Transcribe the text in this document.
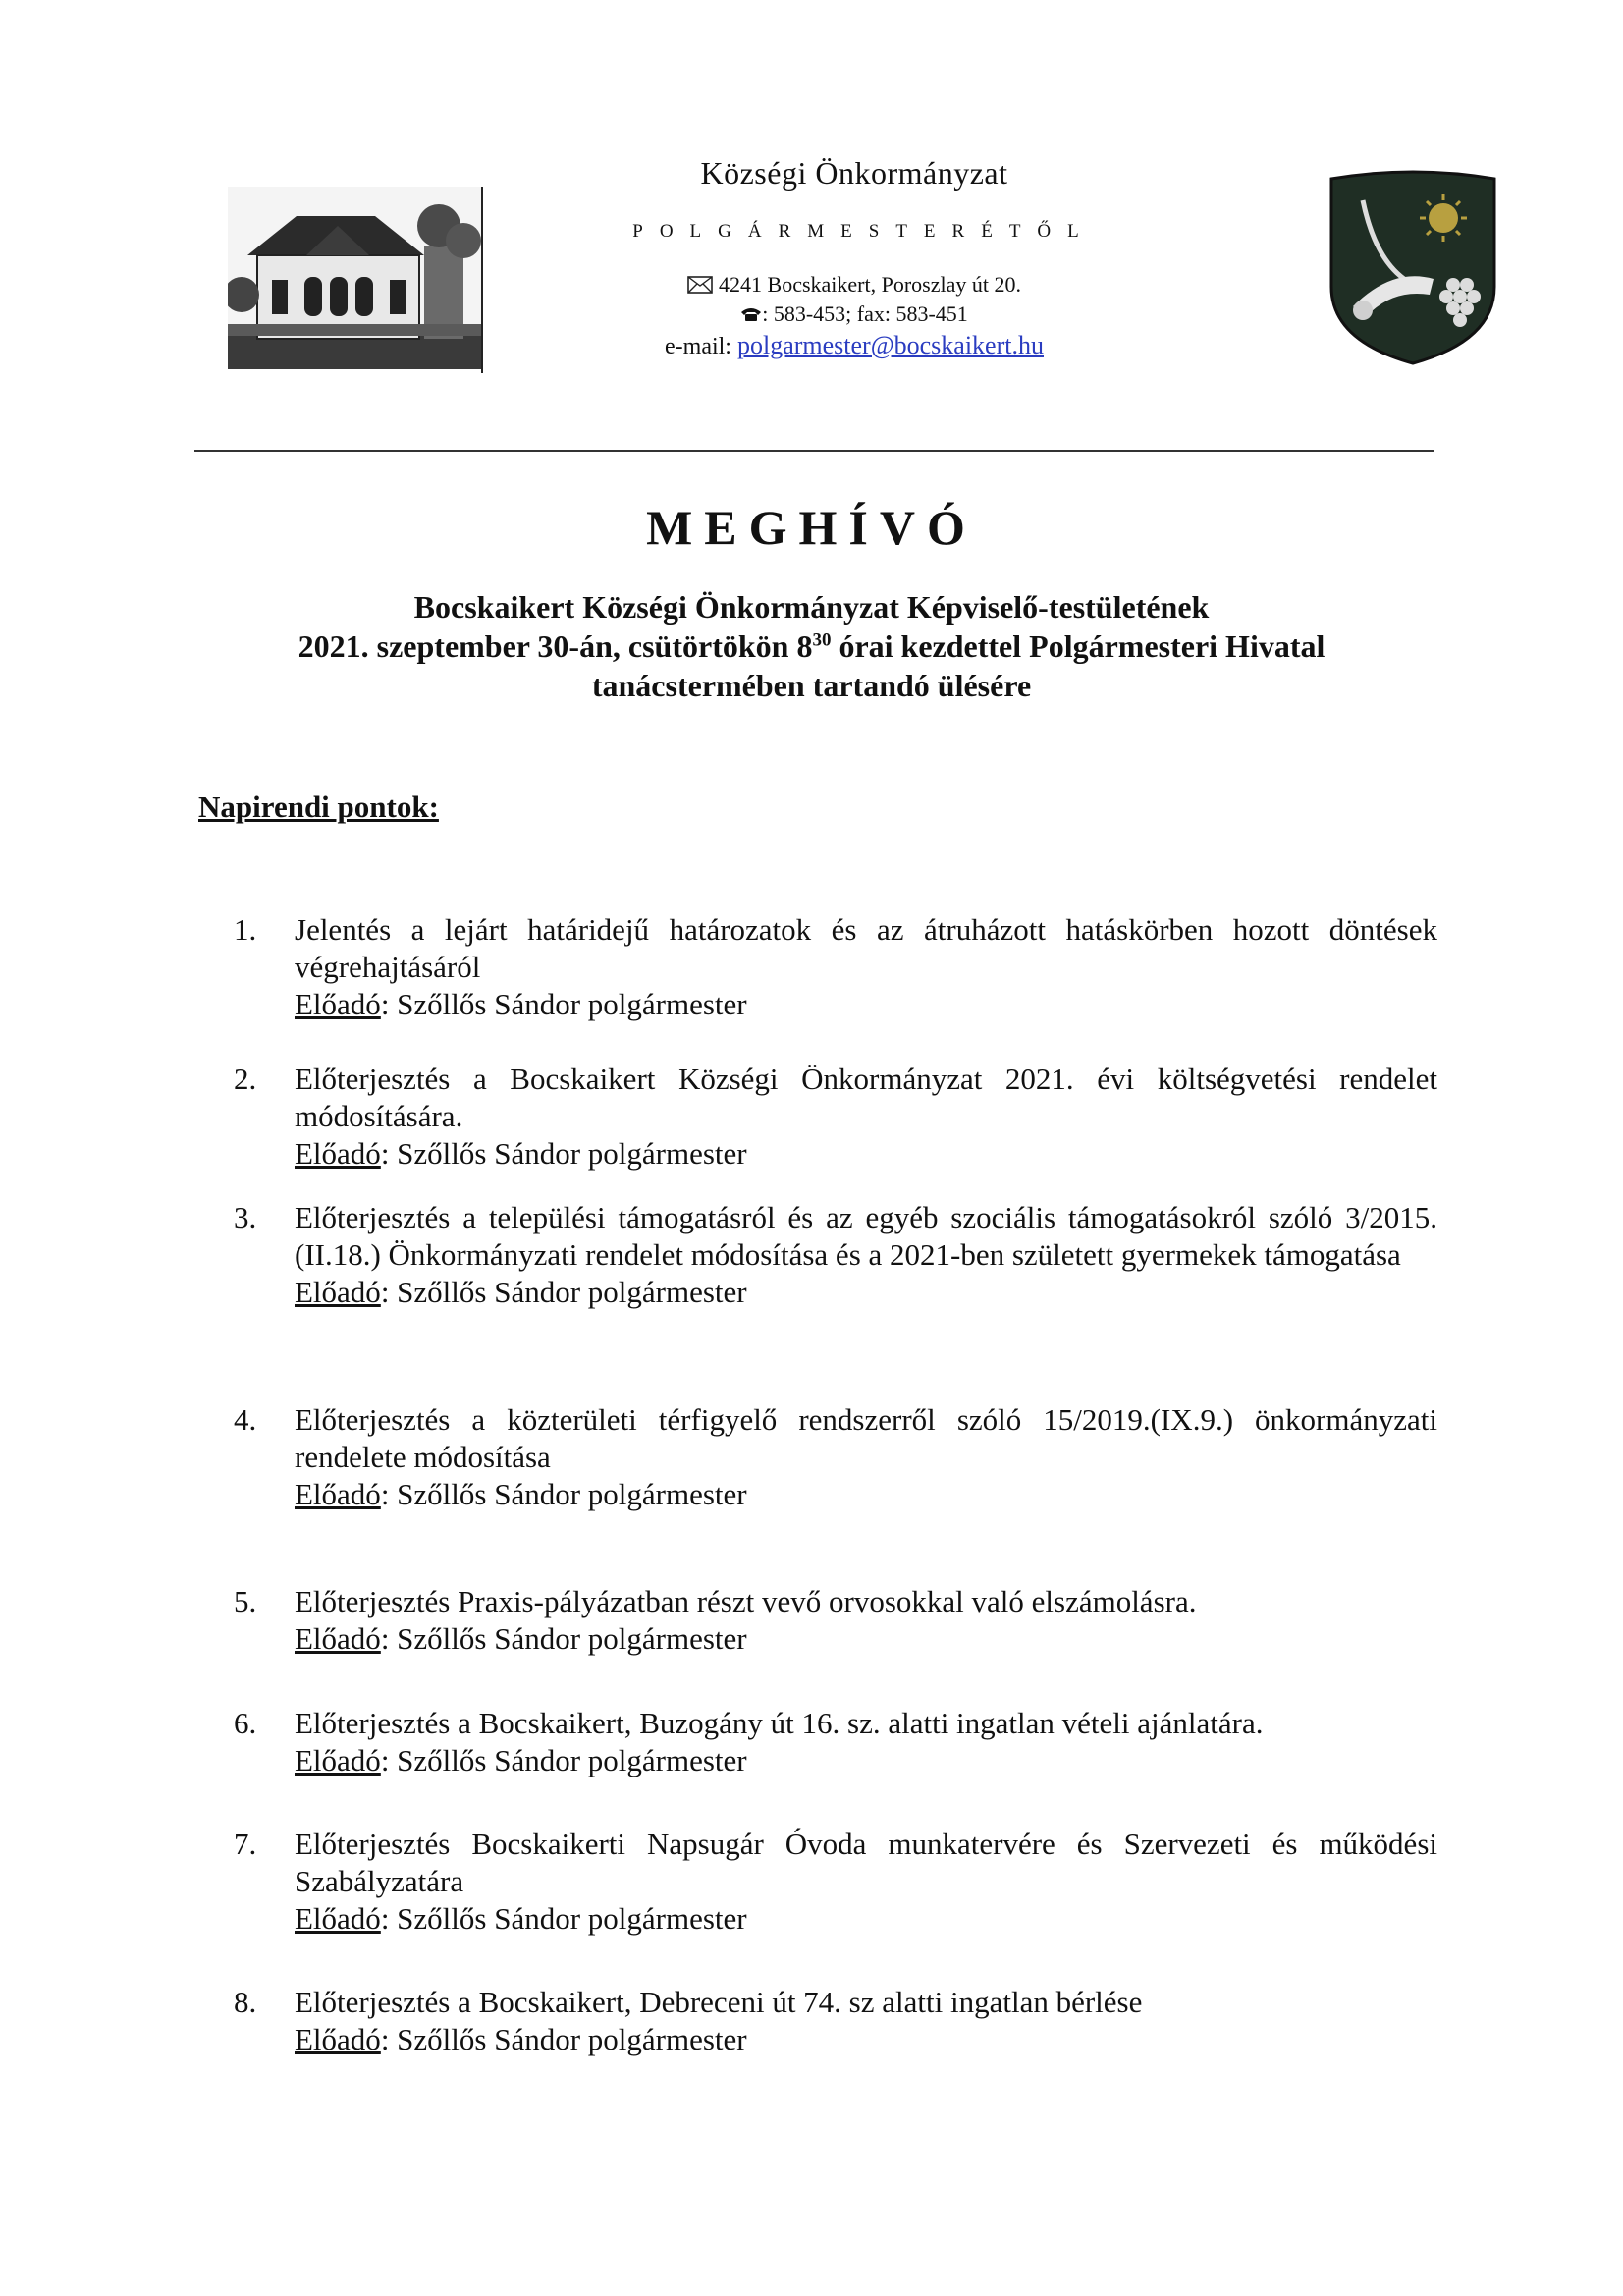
Községi Önkormányzat
POLGÁRMESTERÉTŐL
4241 Bocskaikert, Poroszlay út 20.
: 583-453; fax: 583-451
e-mail: polgarmester@bocskaikert.hu
MEGHÍVÓ
Bocskaikert Községi Önkormányzat Képviselő-testületének
2021. szeptember 30-án, csütörtökön $8^{30}$ órai kezdettel Polgármesteri Hivatal
tanácstermében tartandó ülésére
Napirendi pontok:
1.	Jelentés a lejárt határidejű határozatok és az átruházott hatáskörben hozott döntések végrehajtásáról
Előadó: Szőllős Sándor polgármester
2.	Előterjesztés a Bocskaikert Községi Önkormányzat 2021. évi költségvetési rendelet módosítására.
Előadó: Szőllős Sándor polgármester
3.	Előterjesztés a települési támogatásról és az egyéb szociális támogatásokról szóló 3/2015. (II.18.) Önkormányzati rendelet módosítása és a 2021-ben született gyermekek támogatása
Előadó: Szőllős Sándor polgármester
4.	Előterjesztés a közterületi térfigyelő rendszerről szóló 15/2019.(IX.9.) önkormányzati rendelete módosítása
Előadó: Szőllős Sándor polgármester
5.	Előterjesztés Praxis-pályázatban részt vevő orvosokkal való elszámolásra.
Előadó: Szőllős Sándor polgármester
6.	Előterjesztés a Bocskaikert, Buzogány út 16. sz. alatti ingatlan vételi ajánlatára.
Előadó: Szőllős Sándor polgármester
7.	Előterjesztés Bocskaikerti Napsugár Óvoda munkatervére és Szervezeti és működési Szabályzatára
Előadó: Szőllős Sándor polgármester
8.	Előterjesztés a Bocskaikert, Debreceni út 74. sz alatti ingatlan bérlése
Előadó: Szőllős Sándor polgármester
